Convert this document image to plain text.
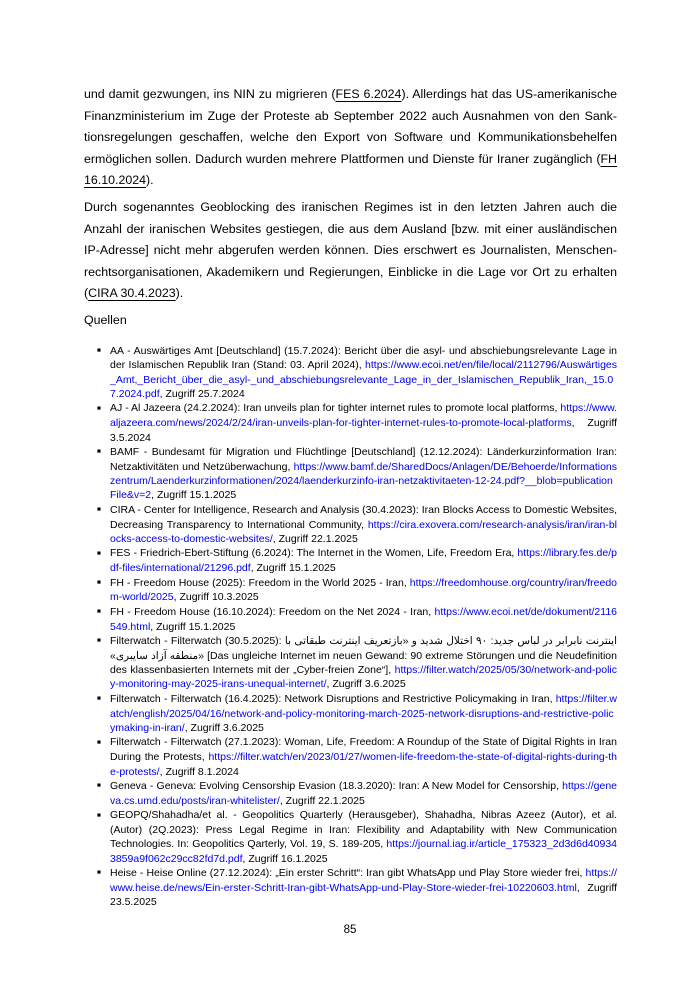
und damit gezwungen, ins NIN zu migrieren (FES 6.2024). Allerdings hat das US-amerikanische Finanzministerium im Zuge der Proteste ab September 2022 auch Ausnahmen von den Sanktionsregelungen geschaffen, welche den Export von Software und Kommunikationsbehelfen ermöglichen sollen. Dadurch wurden mehrere Plattformen und Dienste für Iraner zugänglich (FH 16.10.2024).

Durch sogenanntes Geoblocking des iranischen Regimes ist in den letzten Jahren auch die Anzahl der iranischen Websites gestiegen, die aus dem Ausland [bzw. mit einer ausländischen IP-Adresse] nicht mehr abgerufen werden können. Dies erschwert es Journalisten, Menschenrechtsorganisationen, Akademikern und Regierungen, Einblicke in die Lage vor Ort zu erhalten (CIRA 30.4.2023).

Quellen

■ AA - Auswärtiges Amt [Deutschland] (15.7.2024): Bericht über die asyl- und abschiebungsrelevante Lage in der Islamischen Republik Iran (Stand: 03. April 2024), https://www.ecoi.net/en/file/local/2112796/Auswärtiges_Amt,_Bericht_über_die_asyl-_und_abschiebungsrelevante_Lage_in_der_Islamischen_Republik_Iran,_15.07.2024.pdf, Zugriff 25.7.2024
■ AJ - Al Jazeera (24.2.2024): Iran unveils plan for tighter internet rules to promote local platforms, https://www.aljazeera.com/news/2024/2/24/iran-unveils-plan-for-tighter-internet-rules-to-promote-local-platforms, Zugriff 3.5.2024
■ BAMF - Bundesamt für Migration und Flüchtlinge [Deutschland] (12.12.2024): Länderkurzinformation Iran: Netzaktivitäten und Netzüberwachung, https://www.bamf.de/SharedDocs/Anlagen/DE/Behoerde/Informationszentrum/Laenderkurzinformationen/2024/laenderkurzinfo-iran-netzaktivitaeten-12-24.pdf?__blob=publicationFile&v=2, Zugriff 15.1.2025
■ CIRA - Center for Intelligence, Research and Analysis (30.4.2023): Iran Blocks Access to Domestic Websites, Decreasing Transparency to International Community, https://cira.exovera.com/research-analysis/iran/iran-blocks-access-to-domestic-websites/, Zugriff 22.1.2025
■ FES - Friedrich-Ebert-Stiftung (6.2024): The Internet in the Women, Life, Freedom Era, https://library.fes.de/pdf-files/international/21296.pdf, Zugriff 15.1.2025
■ FH - Freedom House (2025): Freedom in the World 2025 - Iran, https://freedomhouse.org/country/iran/freedom-world/2025, Zugriff 10.3.2025
■ FH - Freedom House (16.10.2024): Freedom on the Net 2024 - Iran, https://www.ecoi.net/de/dokument/2116549.html, Zugriff 15.1.2025
■ Filterwatch - Filterwatch (30.5.2025): اینترنت نابرابر در لباس جدید: ۹۰ اختلال شدید و «بازتعریف اینترنت طبقاتی با «منطقه آزاد سایبری» [Das ungleiche Internet im neuen Gewand: 90 extreme Störungen und die Neudefinition des klassenbasierten Internets mit der „Cyber-freien Zone“], https://filter.watch/2025/05/30/network-and-policy-monitoring-may-2025-irans-unequal-internet/, Zugriff 3.6.2025
■ Filterwatch - Filterwatch (16.4.2025): Network Disruptions and Restrictive Policymaking in Iran, https://filter.watch/english/2025/04/16/network-and-policy-monitoring-march-2025-network-disruptions-and-restrictive-policymaking-in-iran/, Zugriff 3.6.2025
■ Filterwatch - Filterwatch (27.1.2023): Woman, Life, Freedom: A Roundup of the State of Digital Rights in Iran During the Protests, https://filter.watch/en/2023/01/27/women-life-freedom-the-state-of-digital-rights-during-the-protests/, Zugriff 8.1.2024
■ Geneva - Geneva: Evolving Censorship Evasion (18.3.2020): Iran: A New Model for Censorship, https://geneva.cs.umd.edu/posts/iran-whitelister/, Zugriff 22.1.2025
■ GEOPQ/Shahadha/et al. - Geopolitics Quarterly (Herausgeber), Shahadha, Nibras Azeez (Autor), et al. (Autor) (2Q.2023): Press Legal Regime in Iran: Flexibility and Adaptability with New Communication Technologies. In: Geopolitics Qarterly, Vol. 19, S. 189-205, https://journal.iag.ir/article_175323_2d3d6d409343859a9f062c29cc82fd7d.pdf, Zugriff 16.1.2025
■ Heise - Heise Online (27.12.2024): „Ein erster Schritt“: Iran gibt WhatsApp und Play Store wieder frei, https://www.heise.de/news/Ein-erster-Schritt-Iran-gibt-WhatsApp-und-Play-Store-wieder-frei-10220603.html, Zugriff 23.5.2025
85
